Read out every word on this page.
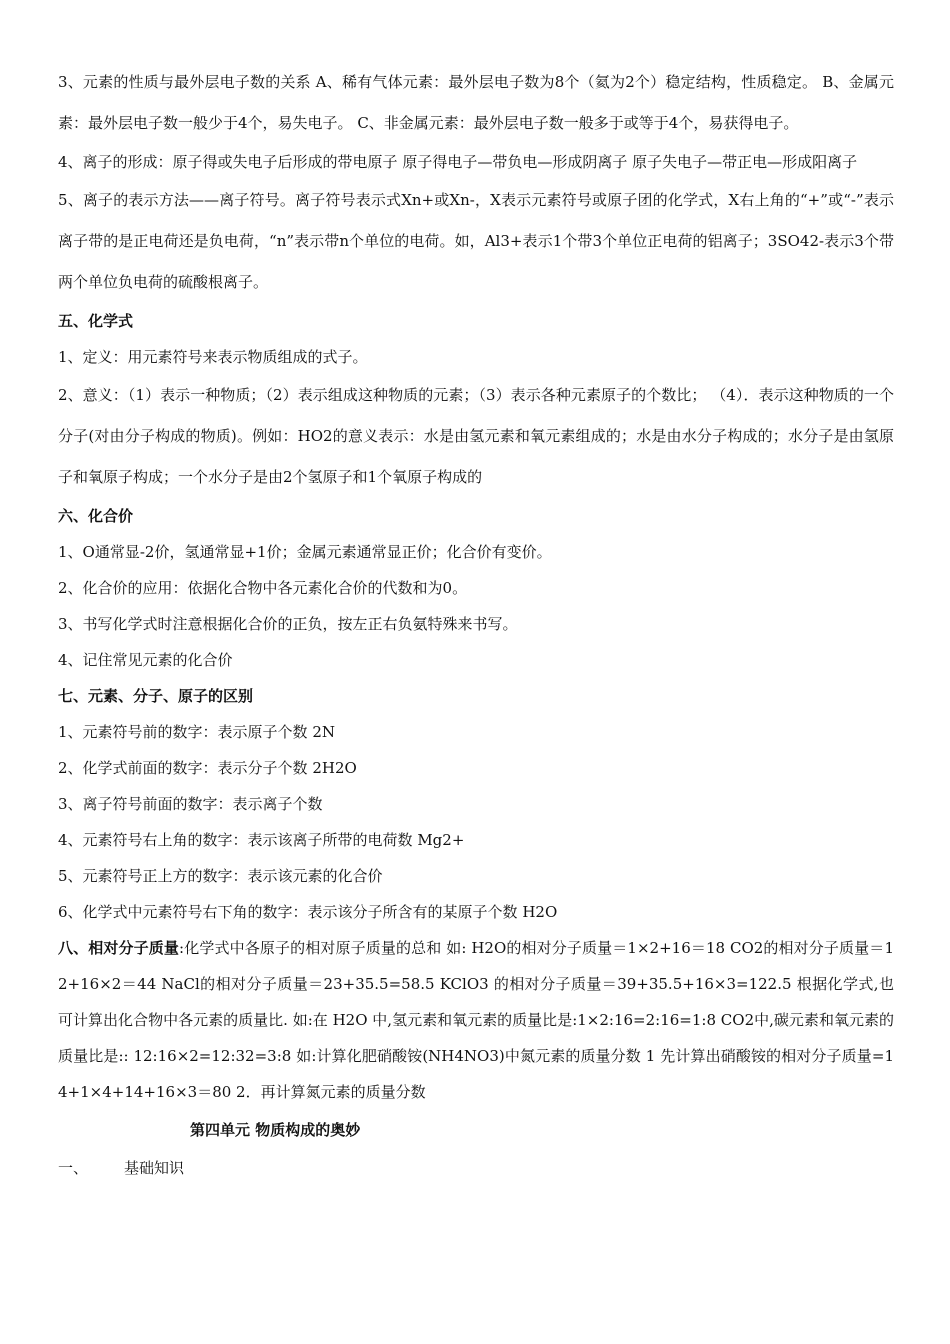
3、元素的性质与最外层电子数的关系 A、稀有气体元素：最外层电子数为8个（氦为2个）稳定结构，性质稳定。 B、金属元素：最外层电子数一般少于4个，易失电子。 C、非金属元素：最外层电子数一般多于或等于4个，易获得电子。

4、离子的形成：原子得或失电子后形成的带电原子 原子得电子—带负电—形成阴离子 原子失电子—带正电—形成阳离子

5、离子的表示方法——离子符号。离子符号表示式Xn+或Xn-，X表示元素符号或原子团的化学式，X右上角的“+”或“-”表示离子带的是正电荷还是负电荷，“n”表示带n个单位的电荷。如，Al3+表示1个带3个单位正电荷的铝离子；3SO42-表示3个带两个单位负电荷的硫酸根离子。

五、化学式

1、定义：用元素符号来表示物质组成的式子。

2、意义：（1）表示一种物质；（2）表示组成这种物质的元素；（3）表示各种元素原子的个数比； （4）．表示这种物质的一个分子(对由分子构成的物质)。例如：HO2的意义表示：水是由氢元素和氧元素组成的；水是由水分子构成的；水分子是由氢原子和氧原子构成；一个水分子是由2个氢原子和1个氧原子构成的

六、化合价

1、O通常显-2价，氢通常显+1价；金属元素通常显正价；化合价有变价。

2、化合价的应用：依据化合物中各元素化合价的代数和为0。

3、书写化学式时注意根据化合价的正负，按左正右负氨特殊来书写。

4、记住常见元素的化合价

七、元素、分子、原子的区别

1、元素符号前的数字：表示原子个数 2N

2、化学式前面的数字：表示分子个数 2H2O

3、离子符号前面的数字：表示离子个数

4、元素符号右上角的数字：表示该离子所带的电荷数 Mg2+

5、元素符号正上方的数字：表示该元素的化合价

6、化学式中元素符号右下角的数字：表示该分子所含有的某原子个数 H2O

八、相对分子质量:化学式中各原子的相对原子质量的总和 如: H2O的相对分子质量＝1×2+16＝18 CO2的相对分子质量＝12+16×2＝44 NaCl的相对分子质量＝23+35.5=58.5 KClO3 的相对分子质量＝39+35.5+16×3=122.5 根据化学式,也可计算出化合物中各元素的质量比. 如:在 H2O 中,氢元素和氧元素的质量比是:1×2:16=2:16=1:8 CO2中,碳元素和氧元素的质量比是:: 12:16×2=12:32=3:8 如:计算化肥硝酸铵(NH4NO3)中氮元素的质量分数 1 先计算出硝酸铵的相对分子质量=14+1×4+14+16×3＝80 2．再计算氮元素的质量分数

第四单元 物质构成的奥妙

一、 基础知识
